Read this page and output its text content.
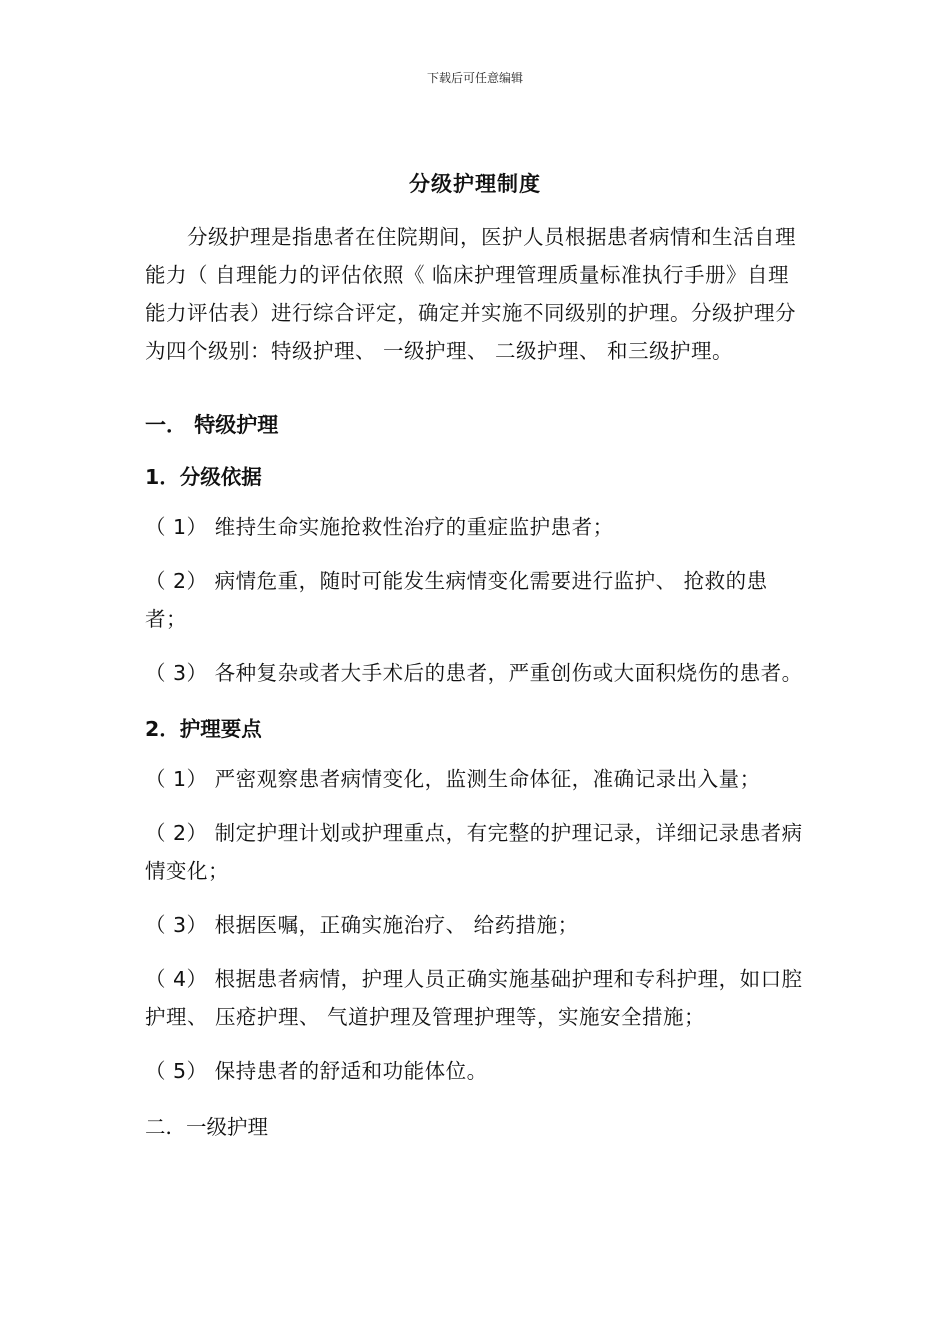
下载后可任意编辑
分级护理制度

分级护理是指患者在住院期间，医护人员根据患者病情和生活自理能力（ 自理能力的评估依照《 临床护理管理质量标准执行手册》自理能力评估表）进行综合评定，确定并实施不同级别的护理。分级护理分为四个级别：特级护理、 一级护理、 二级护理、 和三级护理。

一． 特级护理

1．分级依据

（ 1） 维持生命实施抢救性治疗的重症监护患者；

（ 2） 病情危重，随时可能发生病情变化需要进行监护、 抢救的患者；

（ 3） 各种复杂或者大手术后的患者，严重创伤或大面积烧伤的患者。

2．护理要点

（ 1） 严密观察患者病情变化，监测生命体征，准确记录出入量；

（ 2） 制定护理计划或护理重点，有完整的护理记录，详细记录患者病情变化；

（ 3） 根据医嘱，正确实施治疗、 给药措施；

（ 4） 根据患者病情，护理人员正确实施基础护理和专科护理，如口腔护理、 压疮护理、 气道护理及管理护理等，实施安全措施；

（ 5） 保持患者的舒适和功能体位。

二．一级护理
